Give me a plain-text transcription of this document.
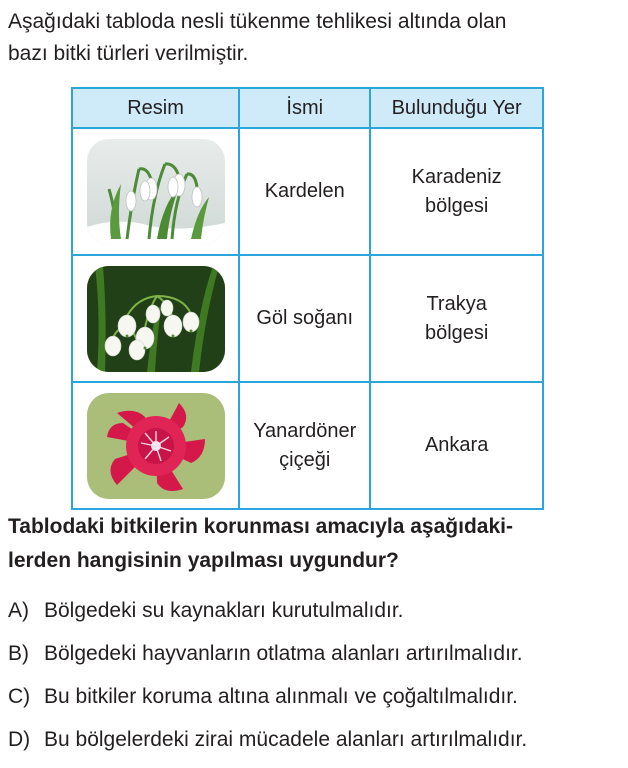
Aşağıdaki tabloda nesli tükenme tehlikesi altında olan
bazı bitki türleri verilmiştir.
Resim	İsmi	Bulunduğu Yer

Kardelen	Karadeniz
bölgesi

Göl soğanı	Trakya
bölgesi

Yanardöner
çiçeği	Ankara
Tablodaki bitkilerin korunması amacıyla aşağıdaki-
lerden hangisinin yapılması uygundur?
A) Bölgedeki su kaynakları kurutulmalıdır.
B) Bölgedeki hayvanların otlatma alanları artırılmalıdır.
C) Bu bitkiler koruma altına alınmalı ve çoğaltılmalıdır.
D) Bu bölgelerdeki zirai mücadele alanları artırılmalıdır.
